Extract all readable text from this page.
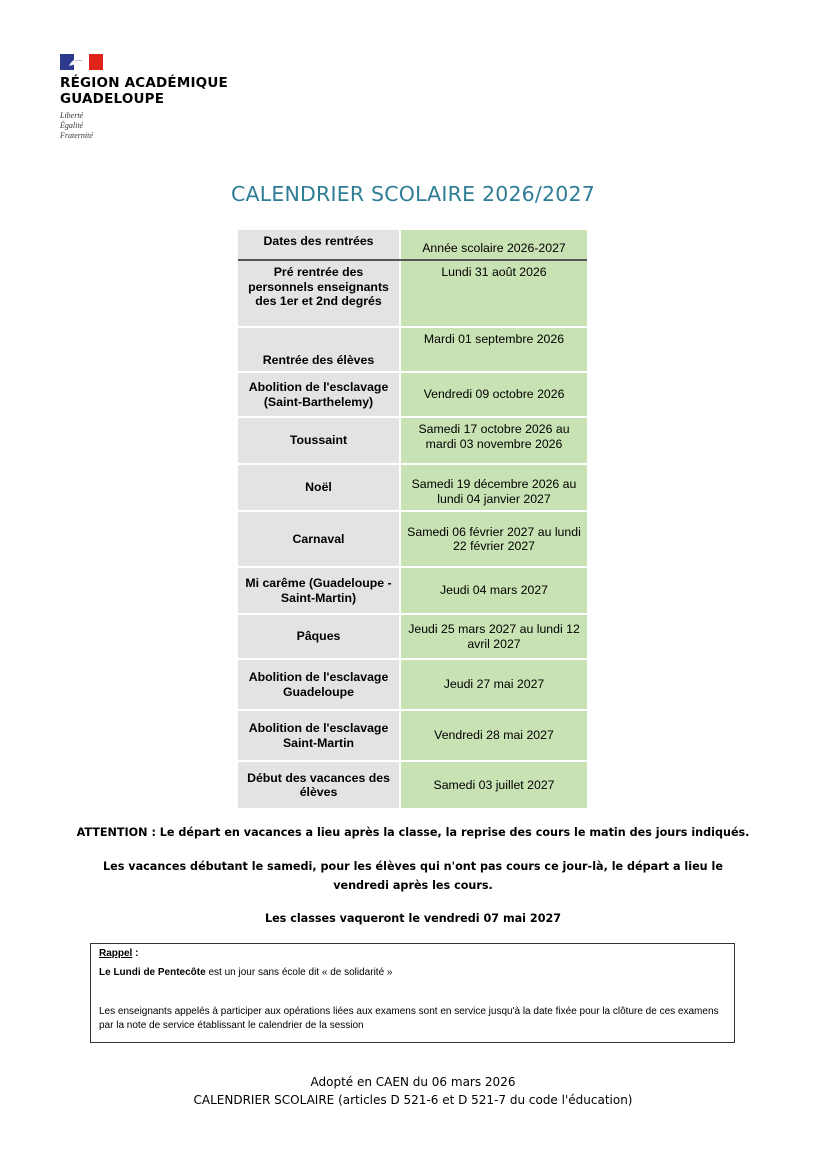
RÉGION ACADÉMIQUE
GUADELOUPE
Liberté
Égalité
Fraternité
CALENDRIER SCOLAIRE 2026/2027
Dates des rentrées	Année scolaire 2026-2027
Pré rentrée des personnels enseignants des 1er et 2nd degrés	Lundi 31 août 2026
Rentrée des élèves	Mardi 01 septembre 2026
Abolition de l'esclavage (Saint-Barthelemy)	Vendredi 09 octobre 2026
Toussaint	Samedi 17 octobre 2026 au mardi 03 novembre 2026
Noël	Samedi 19 décembre 2026 au lundi 04 janvier 2027
Carnaval	Samedi 06 février 2027 au lundi 22 février 2027
Mi carême (Guadeloupe - Saint-Martin)	Jeudi 04 mars 2027
Pâques	Jeudi 25 mars 2027 au lundi 12 avril 2027
Abolition de l'esclavage Guadeloupe	Jeudi 27 mai 2027
Abolition de l'esclavage Saint-Martin	Vendredi 28 mai 2027
Début des vacances des élèves	Samedi 03 juillet 2027
ATTENTION : Le départ en vacances a lieu après la classe, la reprise des cours le matin des jours indiqués.
Les vacances débutant le samedi, pour les élèves qui n'ont pas cours ce jour-là, le départ a lieu le vendredi après les cours.
Les classes vaqueront le vendredi 07 mai 2027
Rappel :
Le Lundi de Pentecôte est un jour sans école dit « de solidarité »
Les enseignants appelés à participer aux opérations liées aux examens sont en service jusqu'à la date fixée pour la clôture de ces examens par la note de service établissant le calendrier de la session
Adopté en CAEN du 06 mars 2026
CALENDRIER SCOLAIRE (articles D 521-6 et D 521-7 du code l'éducation)
